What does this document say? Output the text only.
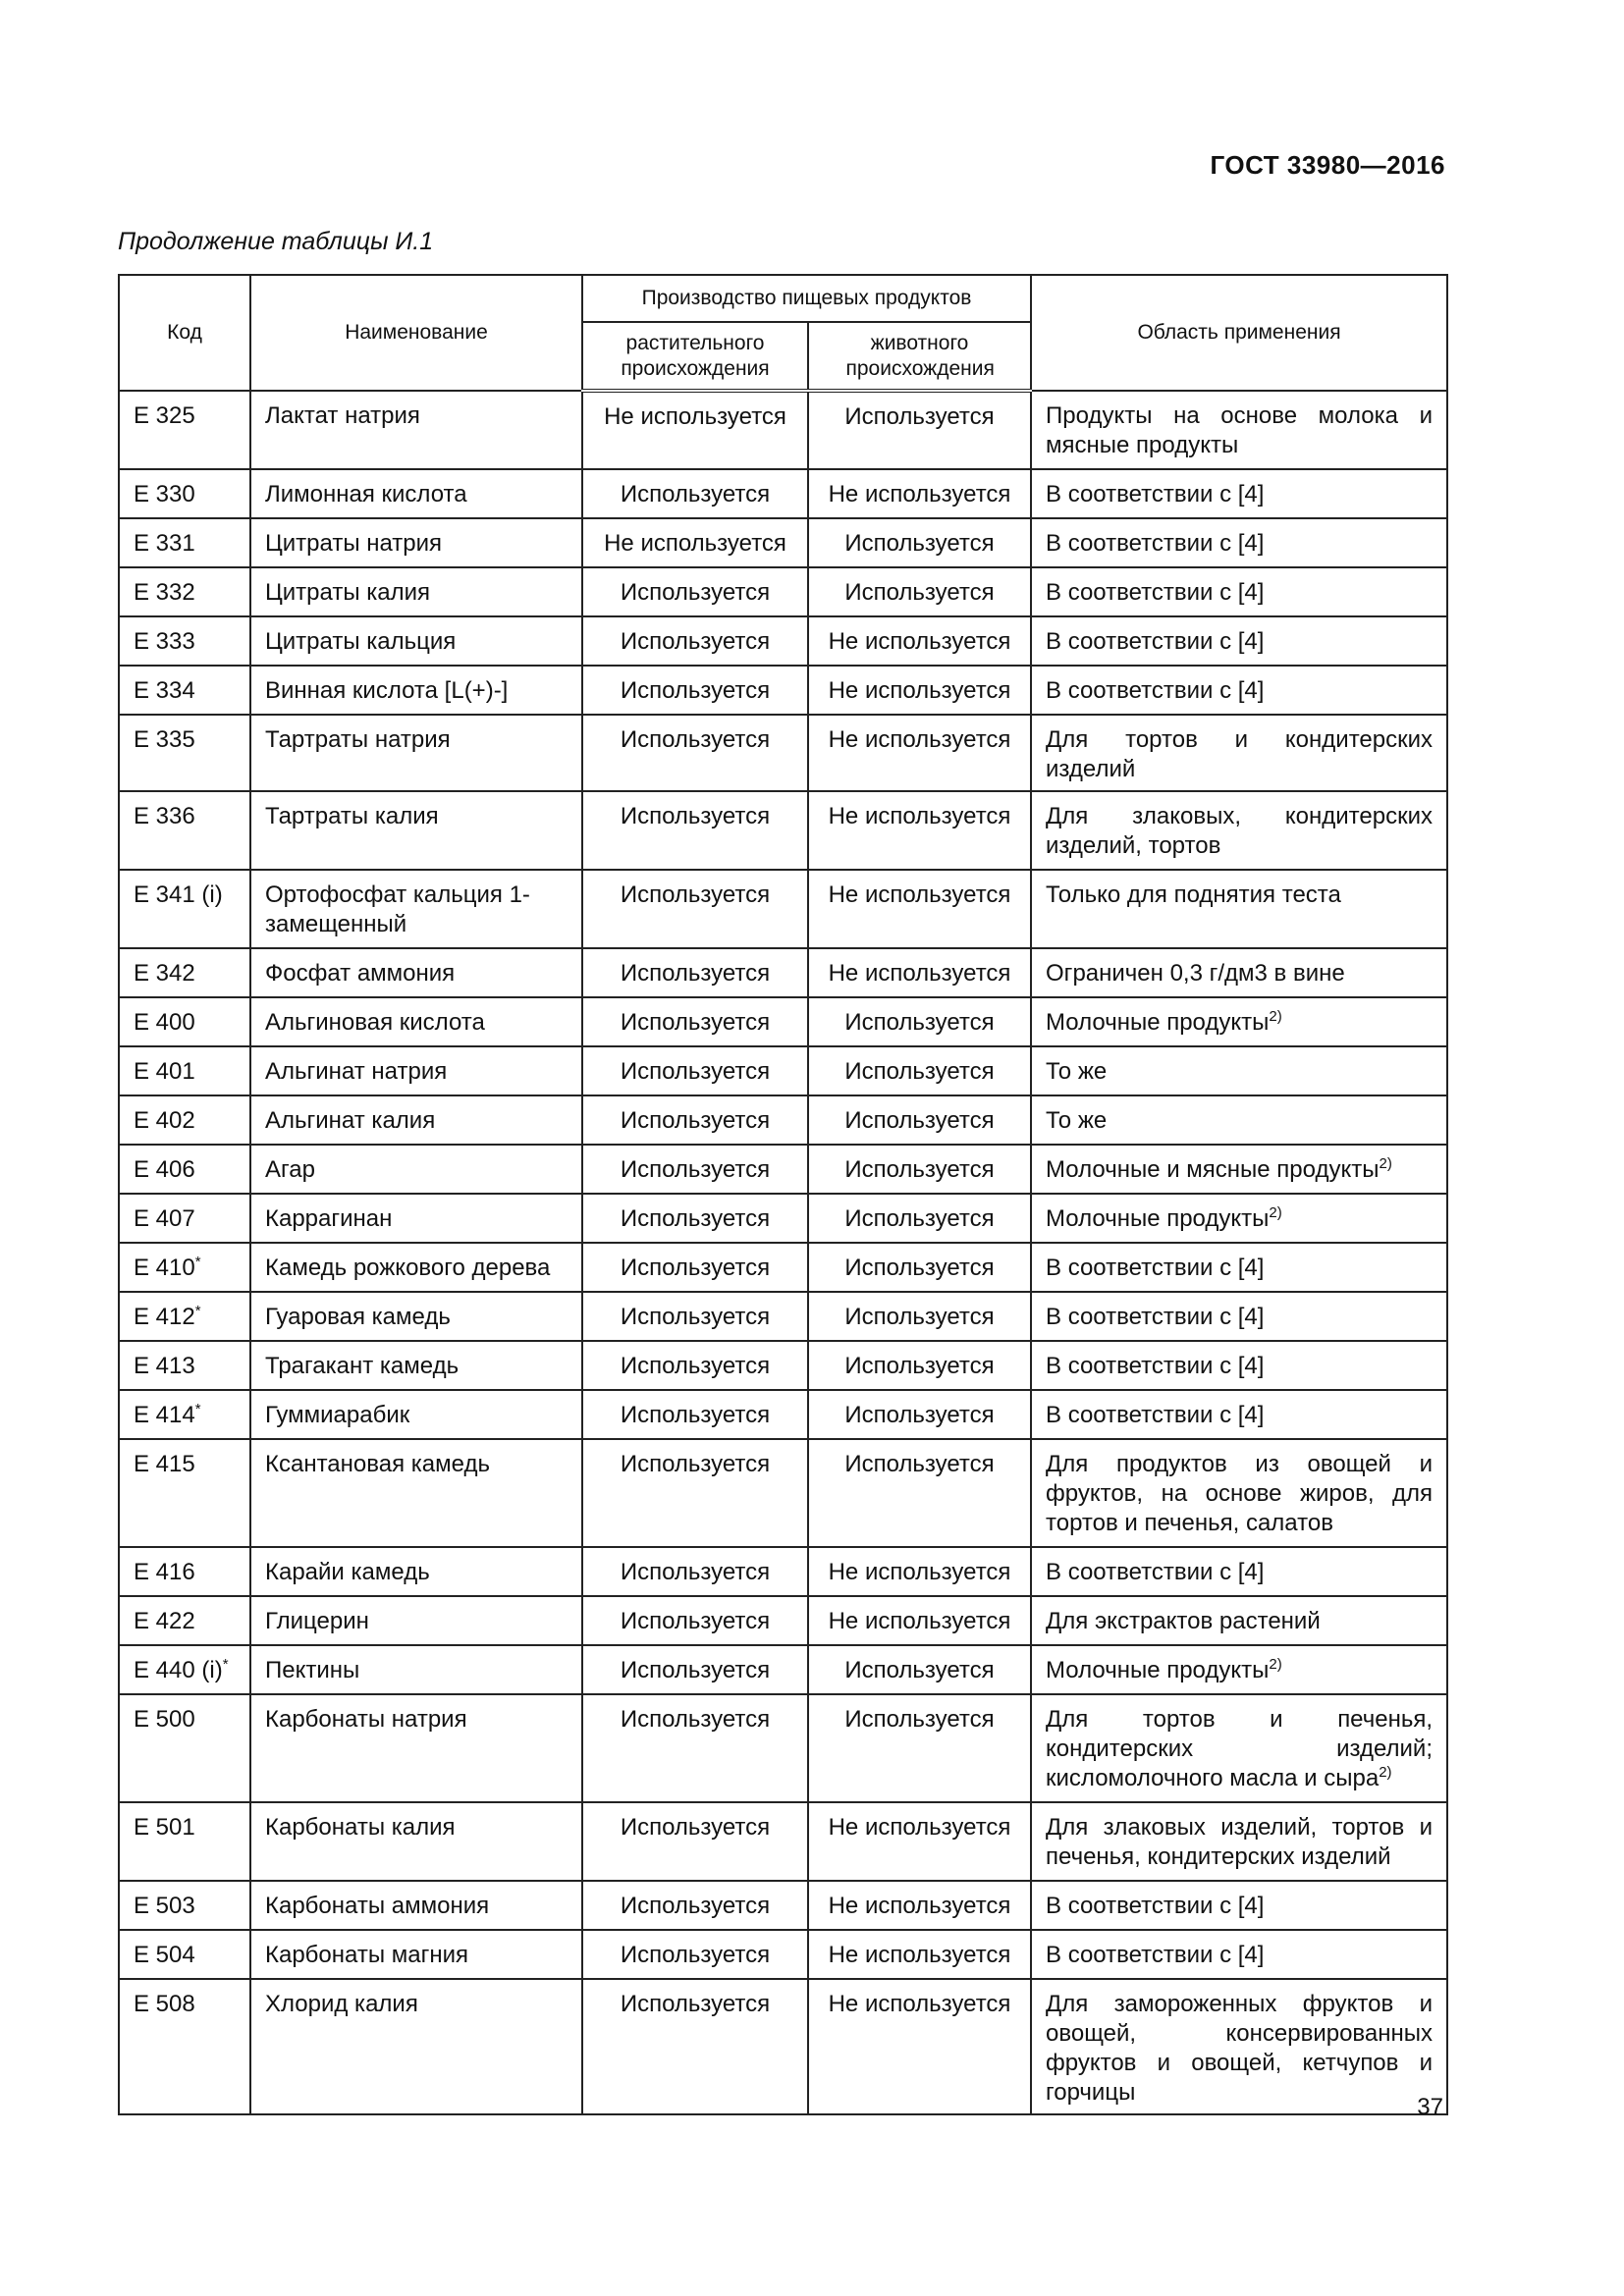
ГОСТ 33980—2016
Продолжение таблицы И.1
Код	Наименование	Производство пищевых продуктов		Область применения
		растительного происхождения	животного происхождения	
Е 325	Лактат натрия	Не используется	Используется	Продукты на основе молока и мясные продукты
Е 330	Лимонная кислота	Используется	Не используется	В соответствии с [4]
Е 331	Цитраты натрия	Не используется	Используется	В соответствии с [4]
Е 332	Цитраты калия	Используется	Используется	В соответствии с [4]
Е 333	Цитраты кальция	Используется	Не используется	В соответствии с [4]
Е 334	Винная кислота [L(+)-]	Используется	Не используется	В соответствии с [4]
Е 335	Тартраты натрия	Используется	Не используется	Для тортов и кондитерских изделий
Е 336	Тартраты калия	Используется	Не используется	Для злаковых, кондитерских изделий, тортов
Е 341 (i)	Ортофосфат кальция 1-замещенный	Используется	Не используется	Только для поднятия теста
Е 342	Фосфат аммония	Используется	Не используется	Ограничен 0,3 г/дм3 в вине
Е 400	Альгиновая кислота	Используется	Используется	Молочные продукты$^{2)}$
Е 401	Альгинат натрия	Используется	Используется	То же
Е 402	Альгинат калия	Используется	Используется	То же
Е 406	Агар	Используется	Используется	Молочные и мясные продукты$^{2)}$
Е 407	Каррагинан	Используется	Используется	Молочные продукты$^{2)}$
Е 410*	Камедь рожкового дерева	Используется	Используется	В соответствии с [4]
Е 412*	Гуаровая камедь	Используется	Используется	В соответствии с [4]
Е 413	Трагакант камедь	Используется	Используется	В соответствии с [4]
Е 414*	Гуммиарабик	Используется	Используется	В соответствии с [4]
Е 415	Ксантановая камедь	Используется	Используется	Для продуктов из овощей и фруктов, на основе жиров, для тортов и печенья, салатов
Е 416	Карайи камедь	Используется	Не используется	В соответствии с [4]
Е 422	Глицерин	Используется	Не используется	Для экстрактов растений
Е 440 (i)*	Пектины	Используется	Используется	Молочные продукты$^{2)}$
Е 500	Карбонаты натрия	Используется	Используется	Для тортов и печенья, кондитерских изделий; кисломолочного масла и сыра$^{2)}$
Е 501	Карбонаты калия	Используется	Не используется	Для злаковых изделий, тортов и печенья, кондитерских изделий
Е 503	Карбонаты аммония	Используется	Не используется	В соответствии с [4]
Е 504	Карбонаты магния	Используется	Не используется	В соответствии с [4]
Е 508	Хлорид калия	Используется	Не используется	Для замороженных фруктов и овощей, консервированных фруктов и овощей, кетчупов и горчицы
37
